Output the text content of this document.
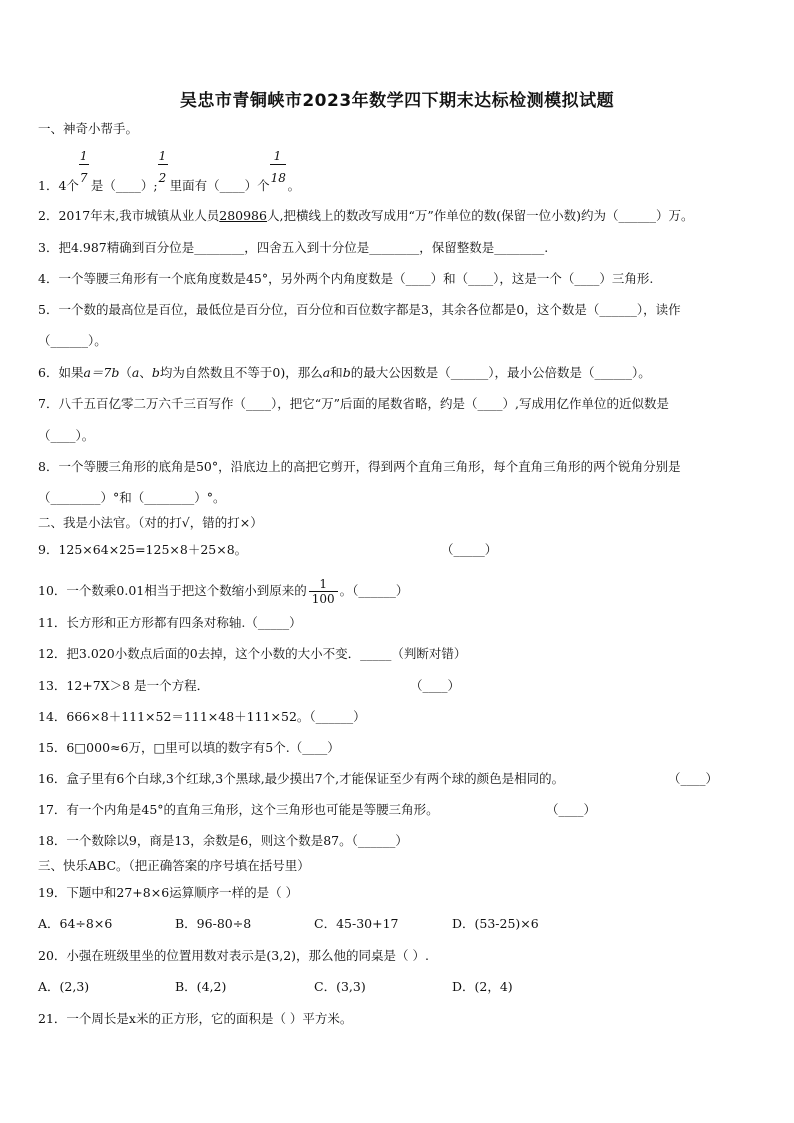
吴忠市青铜峡市2023年数学四下期末达标检测模拟试题
一、神奇小帮手。
1．4个 $\frac{1}{7}$ 是（____）; $\frac{1}{2}$ 里面有（____）个 $\frac{1}{18}$ 。
2．2017年末,我市城镇从业人员280986人,把横线上的数改写成用“万”作单位的数(保留一位小数)约为（______）万。
3．把4.987精确到百分位是________，四舍五入到十分位是________，保留整数是________.
4．一个等腰三角形有一个底角度数是45°，另外两个内角度数是（____）和（____），这是一个（____）三角形.
5．一个数的最高位是百位，最低位是百分位，百分位和百位数字都是3，其余各位都是0，这个数是（______），读作
（______）。
6．如果a＝7b（a、b均为自然数且不等于0)，那么a和b的最大公因数是（______），最小公倍数是（______）。
7．八千五百亿零二万六千三百写作（____），把它“万”后面的尾数省略，约是（____）,写成用亿作单位的近似数是
（____）。
8．一个等腰三角形的底角是50°，沿底边上的高把它剪开，得到两个直角三角形，每个直角三角形的两个锐角分别是
（________）°和（________）°。
二、我是小法官。（对的打√，错的打×）
9．125×64×25=125×8＋25×8。	（_____）
10．一个数乘0.01相当于把这个数缩小到原来的 $\frac{1}{100}$ 。（______）
11．长方形和正方形都有四条对称轴.（_____）
12．把3.020小数点后面的0去掉，这个小数的大小不变．_____（判断对错）
13．12+7X＞8 是一个方程．	（____）
14．666×8＋111×52＝111×48＋111×52。（______）
15．6□000≈6万，□里可以填的数字有5个.（____）
16．盒子里有6个白球,3个红球,3个黑球,最少摸出7个,才能保证至少有两个球的颜色是相同的。	（____）
17．有一个内角是45°的直角三角形，这个三角形也可能是等腰三角形。	（____）
18．一个数除以9，商是13，余数是6，则这个数是87。（______）
三、快乐ABC。（把正确答案的序号填在括号里）
19．下题中和27+8×6运算顺序一样的是（ ）
A．64÷8×6	B．96-80÷8	C．45-30+17	D．(53-25)×6
20．小强在班级里坐的位置用数对表示是(3,2)，那么他的同桌是（ ）.
A．(2,3)	B．(4,2)	C．(3,3)	D．(2，4)
21．一个周长是x米的正方形，它的面积是（ ）平方米。
